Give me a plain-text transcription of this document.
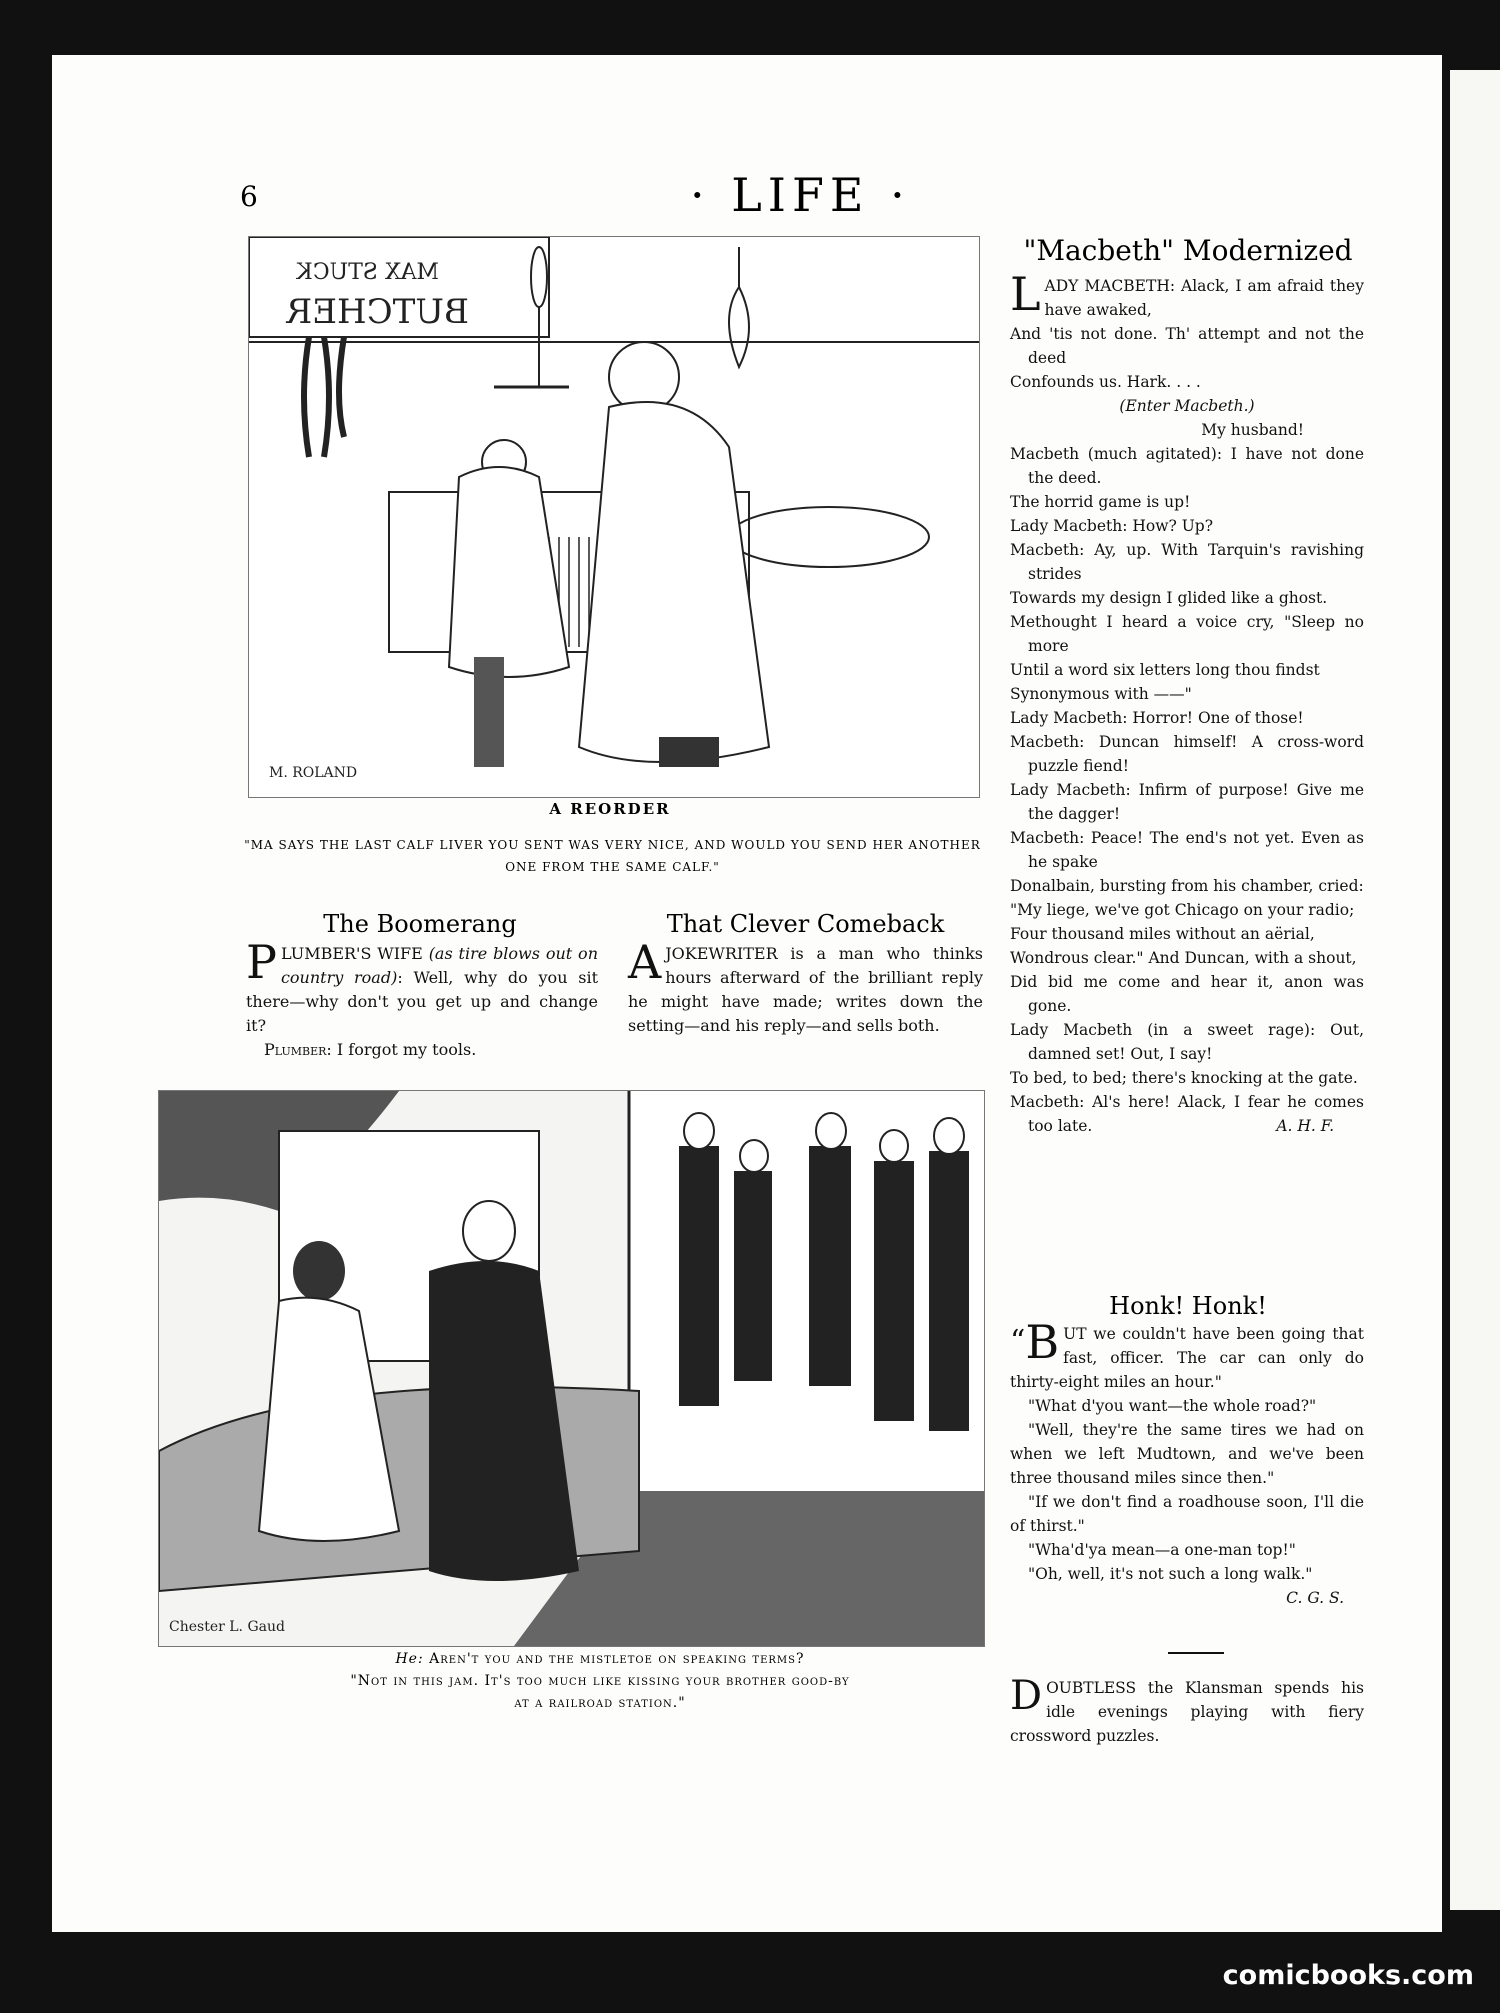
6	· LIFE ·
MAX STUCK
BUTCHER
M. ROLAND
A REORDER
"MA SAYS THE LAST CALF LIVER YOU SENT WAS VERY NICE, AND WOULD YOU SEND HER ANOTHER ONE FROM THE SAME CALF."
The Boomerang

PLUMBER'S WIFE (as tire blows out on country road): Well, why do you sit there—why don't you get up and change it?

Plumber: I forgot my tools.

That Clever Comeback

AJOKEWRITER is a man who thinks hours afterward of the brilliant reply he might have made; writes down the setting—and his reply—and sells both.

Chester L. Gaud
He: Aren't you and the mistletoe on speaking terms?
"Not in this jam. It's too much like kissing your brother good-by
at a railroad station."
"Macbeth" Modernized

LADY MACBETH: Alack, I am afraid they have awaked,

And 'tis not done. Th' attempt and not the deed

Confounds us. Hark. . . .

(Enter Macbeth.)

My husband!

Macbeth (much agitated): I have not done the deed.

The horrid game is up!

Lady Macbeth: How? Up?

Macbeth: Ay, up. With Tarquin's ravishing strides

Towards my design I glided like a ghost.

Methought I heard a voice cry, "Sleep no more

Until a word six letters long thou findst

Synonymous with ——"

Lady Macbeth: Horror! One of those!

Macbeth: Duncan himself! A cross-word puzzle fiend!

Lady Macbeth: Infirm of purpose! Give me the dagger!

Macbeth: Peace! The end's not yet. Even as he spake

Donalbain, bursting from his chamber, cried:

"My liege, we've got Chicago on your radio;

Four thousand miles without an aërial,

Wondrous clear." And Duncan, with a shout,

Did bid me come and hear it, anon was gone.

Lady Macbeth (in a sweet rage): Out, damned set! Out, I say!

To bed, to bed; there's knocking at the gate.

Macbeth: Al's here! Alack, I fear he comes too late.	A. H. F.

Honk! Honk!

“ B UT we couldn't have been going that fast, officer. The car can only do thirty-eight miles an hour."

"What d'you want—the whole road?"

"Well, they're the same tires we had on when we left Mudtown, and we've been three thousand miles since then."

"If we don't find a roadhouse soon, I'll die of thirst."

"Wha'd'ya mean—a one-man top!"

"Oh, well, it's not such a long walk."

C. G. S.

DOUBTLESS the Klansman spends his idle evenings playing with fiery crossword puzzles.

comicbooks.com
